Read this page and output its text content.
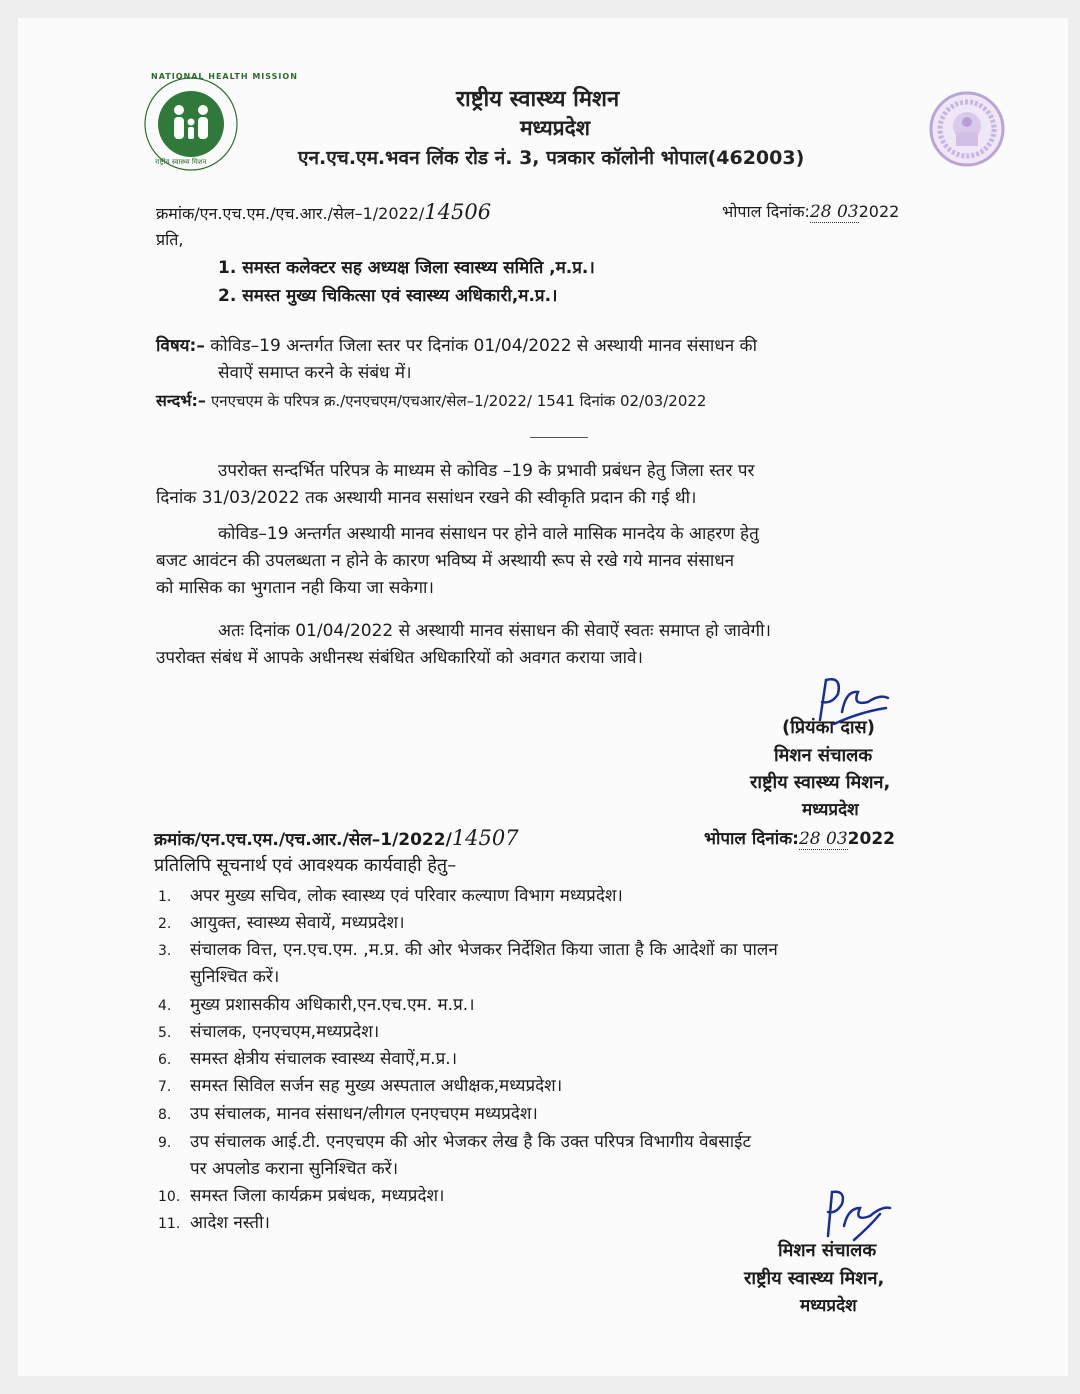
NATIONAL HEALTH MISSION
राष्ट्रीय स्वास्थ्य मिशन
राष्ट्रीय स्वास्थ्य मिशन
मध्यप्रदेश
एन.एच.एम.भवन लिंक रोड नं. 3, पत्रकार कॉलोनी भोपाल(462003)
क्रमांक/एन.एच.एम./एच.आर./सेल–1/2022/14506	भोपाल दिनांक:28 032022
प्रति,
1. समस्त कलेक्टर सह अध्यक्ष जिला स्वास्थ्य समिति ,म.प्र.।
2. समस्त मुख्य चिकित्सा एवं स्वास्थ्य अधिकारी,म.प्र.।
विषय:– कोविड–19 अन्तर्गत जिला स्तर पर दिनांक 01/04/2022 से अस्थायी मानव संसाधन की
सेवाऐं समाप्त करने के संबंध में।
सन्दर्भ:– एनएचएम के परिपत्र क्र./एनएचएम/एचआर/सेल–1/2022/ 1541 दिनांक 02/03/2022
उपरोक्त सन्दर्भित परिपत्र के माध्यम से कोविड –19 के प्रभावी प्रबंधन हेतु जिला स्तर पर
दिनांक 31/03/2022 तक अस्थायी मानव ससांधन रखने की स्वीकृति प्रदान की गई थी।
कोविड–19 अन्तर्गत अस्थायी मानव संसाधन पर होने वाले मासिक मानदेय के आहरण हेतु
बजट आवंटन की उपलब्धता न होने के कारण भविष्य में अस्थायी रूप से रखे गये मानव संसाधन
को मासिक का भुगतान नही किया जा सकेगा।
अतः दिनांक 01/04/2022 से अस्थायी मानव संसाधन की सेवाऐं स्वतः समाप्त हो जावेगी।
उपरोक्त संबंध में आपके अधीनस्थ संबंधित अधिकारियों को अवगत कराया जावे।
(प्रियंका दास)
मिशन संचालक
राष्ट्रीय स्वास्थ्य मिशन,
मध्यप्रदेश
क्रमांक/एन.एच.एम./एच.आर./सेल–1/2022/14507	भोपाल दिनांक:28 032022
प्रतिलिपि सूचनार्थ एवं आवश्यक कार्यवाही हेतु–
1. अपर मुख्य सचिव, लोक स्वास्थ्य एवं परिवार कल्याण विभाग मध्यप्रदेश।
2. आयुक्त, स्वास्थ्य सेवायें, मध्यप्रदेश।
3. संचालक वित्त, एन.एच.एम. ,म.प्र. की ओर भेजकर निर्देशित किया जाता है कि आदेशों का पालन
सुनिश्चित करें।
4. मुख्य प्रशासकीय अधिकारी,एन.एच.एम. म.प्र.।
5. संचालक, एनएचएम,मध्यप्रदेश।
6. समस्त क्षेत्रीय संचालक स्वास्थ्य सेवाऐं,म.प्र.।
7. समस्त सिविल सर्जन सह मुख्य अस्पताल अधीक्षक,मध्यप्रदेश।
8. उप संचालक, मानव संसाधन/लीगल एनएचएम मध्यप्रदेश।
9. उप संचालक आई.टी. एनएचएम की ओर भेजकर लेख है कि उक्त परिपत्र विभागीय वेबसाईट
पर अपलोड कराना सुनिश्चित करें।
10. समस्त जिला कार्यक्रम प्रबंधक, मध्यप्रदेश।
11. आदेश नस्ती।
मिशन संचालक
राष्ट्रीय स्वास्थ्य मिशन,
मध्यप्रदेश
